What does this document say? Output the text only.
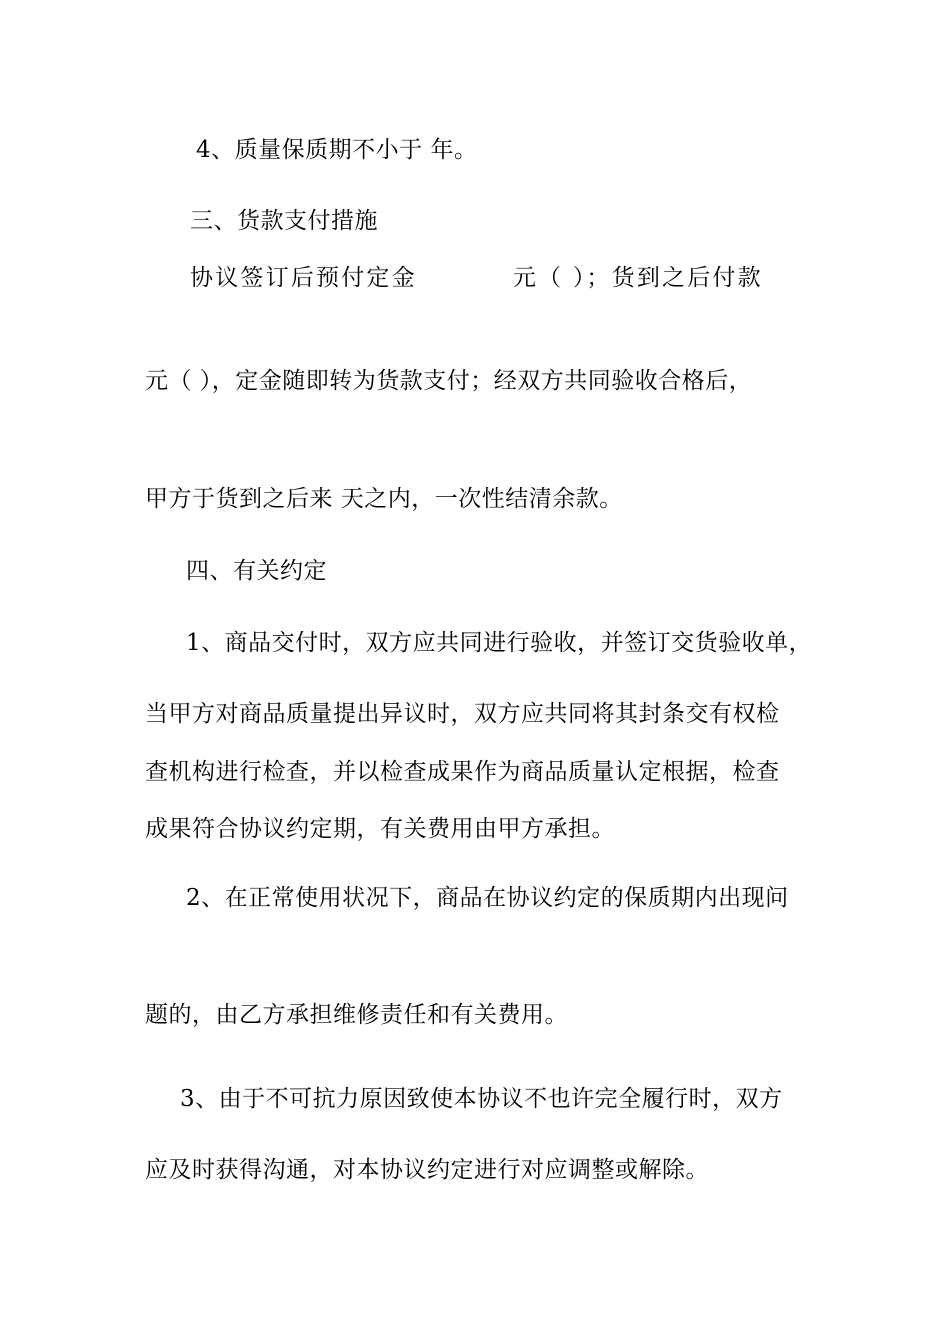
4、质量保质期不小于 年。
三、货款支付措施
协议签订后预付定金	元（ ）；货到之后付款
元（ ），定金随即转为货款支付；经双方共同验收合格后，
甲方于货到之后来 天之内，一次性结清余款。
四、有关约定
1、商品交付时，双方应共同进行验收，并签订交货验收单，
当甲方对商品质量提出异议时，双方应共同将其封条交有权检
查机构进行检查，并以检查成果作为商品质量认定根据，检查
成果符合协议约定期，有关费用由甲方承担。
2、在正常使用状况下，商品在协议约定的保质期内出现问
题的，由乙方承担维修责任和有关费用。
3、由于不可抗力原因致使本协议不也许完全履行时，双方
应及时获得沟通，对本协议约定进行对应调整或解除。
